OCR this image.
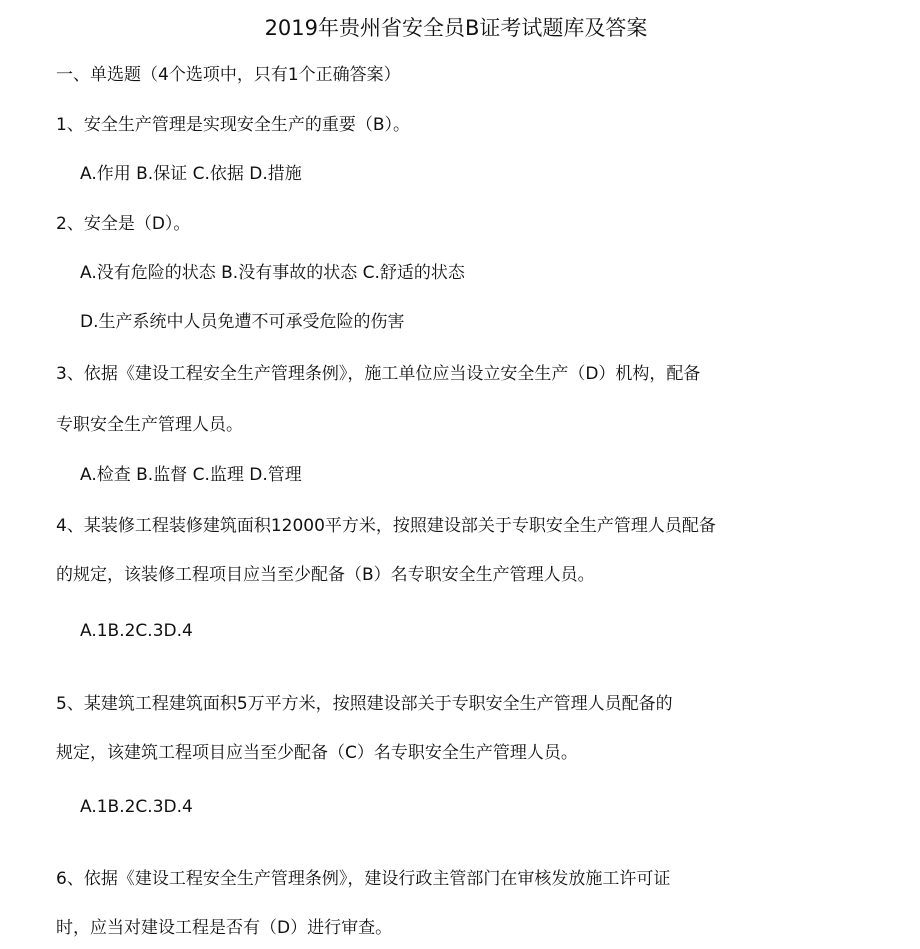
2019年贵州省安全员B证考试题库及答案
一、单选题（4个选项中，只有1个正确答案）
1、安全生产管理是实现安全生产的重要（B）。
A.作用 B.保证 C.依据 D.措施
2、安全是（D）。
A.没有危险的状态 B.没有事故的状态 C.舒适的状态
D.生产系统中人员免遭不可承受危险的伤害
3、依据《建设工程安全生产管理条例》，施工单位应当设立安全生产（D）机构，配备
专职安全生产管理人员。
A.检查 B.监督 C.监理 D.管理
4、某装修工程装修建筑面积12000平方米，按照建设部关于专职安全生产管理人员配备
的规定，该装修工程项目应当至少配备（B）名专职安全生产管理人员。
A.1B.2C.3D.4
5、某建筑工程建筑面积5万平方米，按照建设部关于专职安全生产管理人员配备的
规定，该建筑工程项目应当至少配备（C）名专职安全生产管理人员。
A.1B.2C.3D.4
6、依据《建设工程安全生产管理条例》，建设行政主管部门在审核发放施工许可证
时，应当对建设工程是否有（D）进行审查。
